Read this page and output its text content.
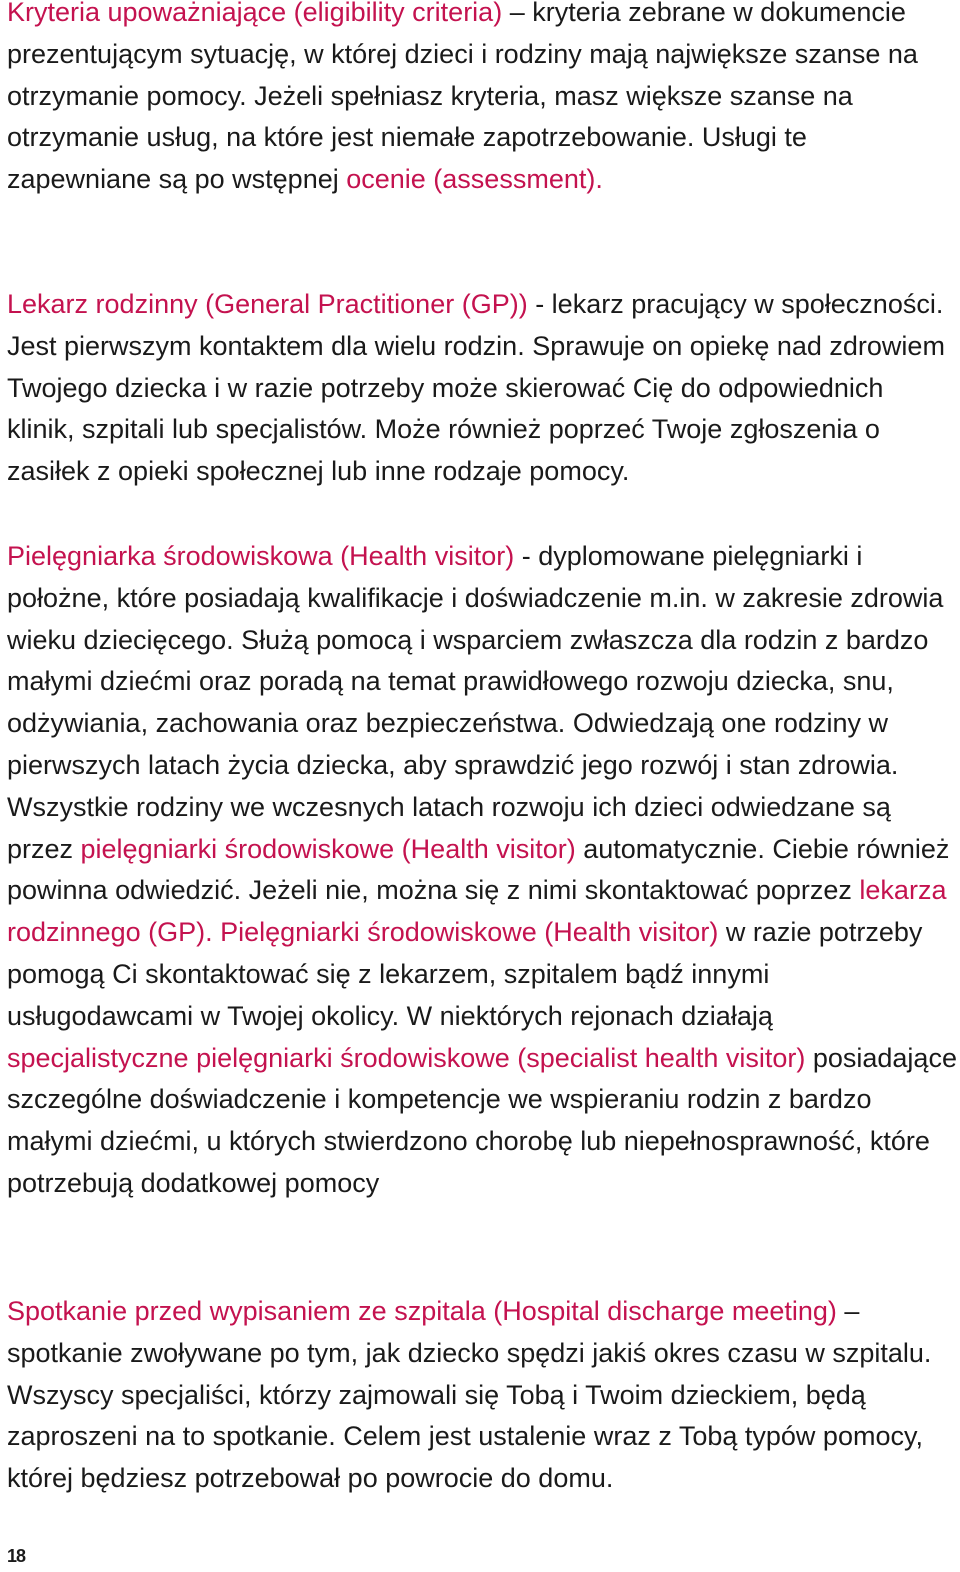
Kryteria upoważniające (eligibility criteria) – kryteria zebrane w dokumencie prezentującym sytuację, w której dzieci i rodziny mają największe szanse na otrzymanie pomocy. Jeżeli spełniasz kryteria, masz większe szanse na otrzymanie usług, na które jest niemałe zapotrzebowanie. Usługi te zapewniane są po wstępnej ocenie (assessment).

Lekarz rodzinny (General Practitioner (GP)) - lekarz pracujący w społeczności. Jest pierwszym kontaktem dla wielu rodzin. Sprawuje on opiekę nad zdrowiem Twojego dziecka i w razie potrzeby może skierować Cię do odpowiednich klinik, szpitali lub specjalistów. Może również poprzeć Twoje zgłoszenia o zasiłek z opieki społecznej lub inne rodzaje pomocy.

Pielęgniarka środowiskowa (Health visitor) - dyplomowane pielęgniarki i położne, które posiadają kwalifikacje i doświadczenie m.in. w zakresie zdrowia wieku dziecięcego. Służą pomocą i wsparciem zwłaszcza dla rodzin z bardzo małymi dziećmi oraz poradą na temat prawidłowego rozwoju dziecka, snu, odżywiania, zachowania oraz bezpieczeństwa. Odwiedzają one rodziny w pierwszych latach życia dziecka, aby sprawdzić jego rozwój i stan zdrowia. Wszystkie rodziny we wczesnych latach rozwoju ich dzieci odwiedzane są przez pielęgniarki środowiskowe (Health visitor) automatycznie. Ciebie również powinna odwiedzić. Jeżeli nie, można się z nimi skontaktować poprzez lekarza rodzinnego (GP). Pielęgniarki środowiskowe (Health visitor) w razie potrzeby pomogą Ci skontaktować się z lekarzem, szpitalem bądź innymi usługodawcami w Twojej okolicy. W niektórych rejonach działają specjalistyczne pielęgniarki środowiskowe (specialist health visitor) posiadające szczególne doświadczenie i kompetencje we wspieraniu rodzin z bardzo małymi dziećmi, u których stwierdzono chorobę lub niepełnosprawność, które potrzebują dodatkowej pomocy

Spotkanie przed wypisaniem ze szpitala (Hospital discharge meeting) – spotkanie zwoływane po tym, jak dziecko spędzi jakiś okres czasu w szpitalu. Wszyscy specjaliści, którzy zajmowali się Tobą i Twoim dzieckiem, będą zaproszeni na to spotkanie. Celem jest ustalenie wraz z Tobą typów pomocy, której będziesz potrzebował po powrocie do domu.

18
